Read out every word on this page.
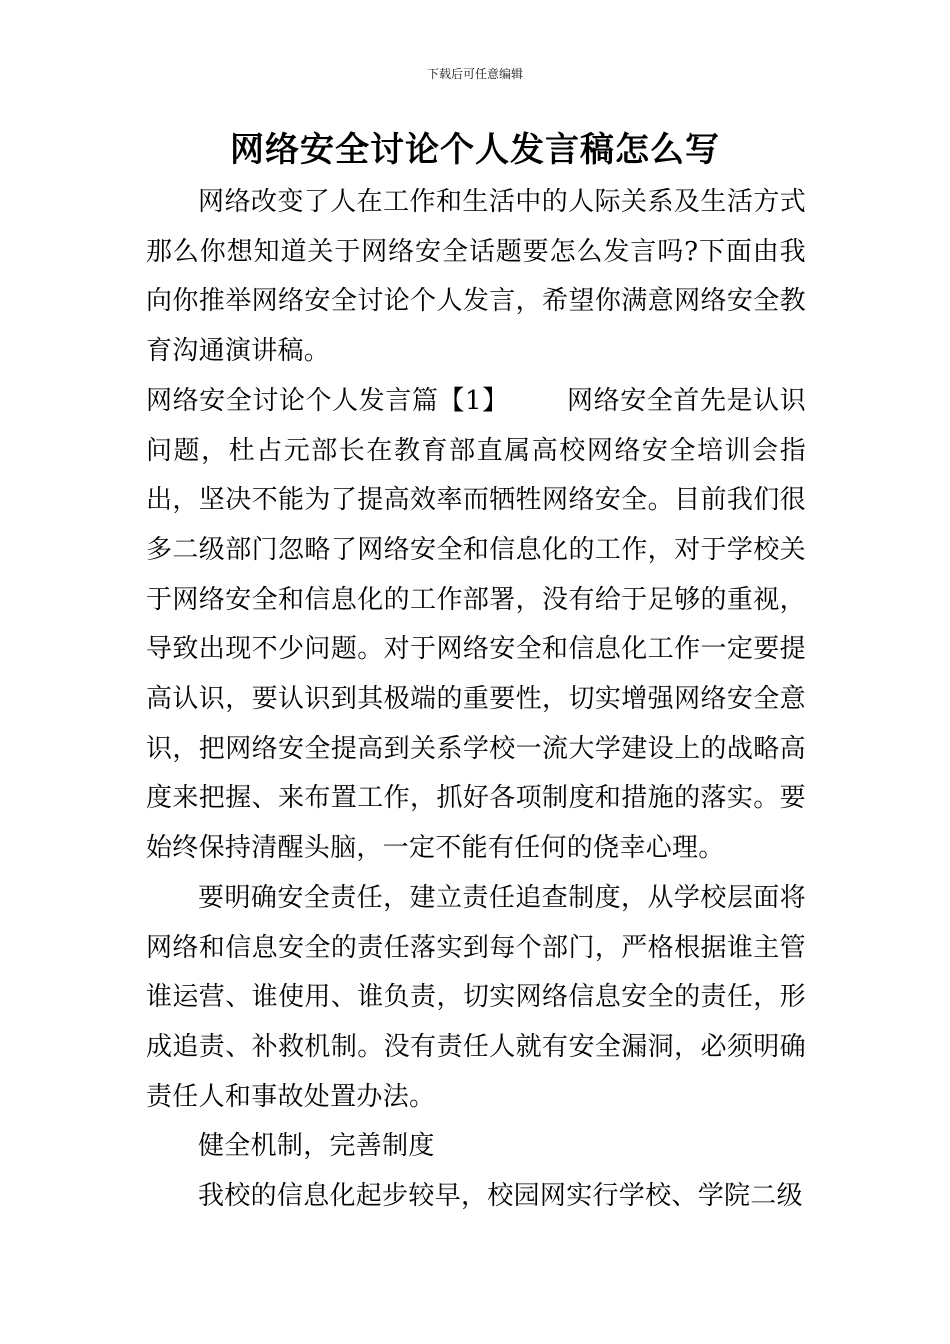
下载后可任意编辑
网络安全讨论个人发言稿怎么写

网络改变了人在工作和生活中的人际关系及生活方式那么你想知道关于网络安全话题要怎么发言吗?下面由我向你推举网络安全讨论个人发言，希望你满意网络安全教育沟通演讲稿。

网络安全讨论个人发言篇【1】 网络安全首先是认识问题，杜占元部长在教育部直属高校网络安全培训会指出，坚决不能为了提高效率而牺牲网络安全。目前我们很多二级部门忽略了网络安全和信息化的工作，对于学校关于网络安全和信息化的工作部署，没有给于足够的重视，导致出现不少问题。对于网络安全和信息化工作一定要提高认识，要认识到其极端的重要性，切实增强网络安全意识，把网络安全提高到关系学校一流大学建设上的战略高度来把握、来布置工作，抓好各项制度和措施的落实。要始终保持清醒头脑，一定不能有任何的侥幸心理。

要明确安全责任，建立责任追查制度，从学校层面将网络和信息安全的责任落实到每个部门，严格根据谁主管谁运营、谁使用、谁负责，切实网络信息安全的责任，形成追责、补救机制。没有责任人就有安全漏洞，必须明确责任人和事故处置办法。

健全机制，完善制度

我校的信息化起步较早，校园网实行学校、学院二级
